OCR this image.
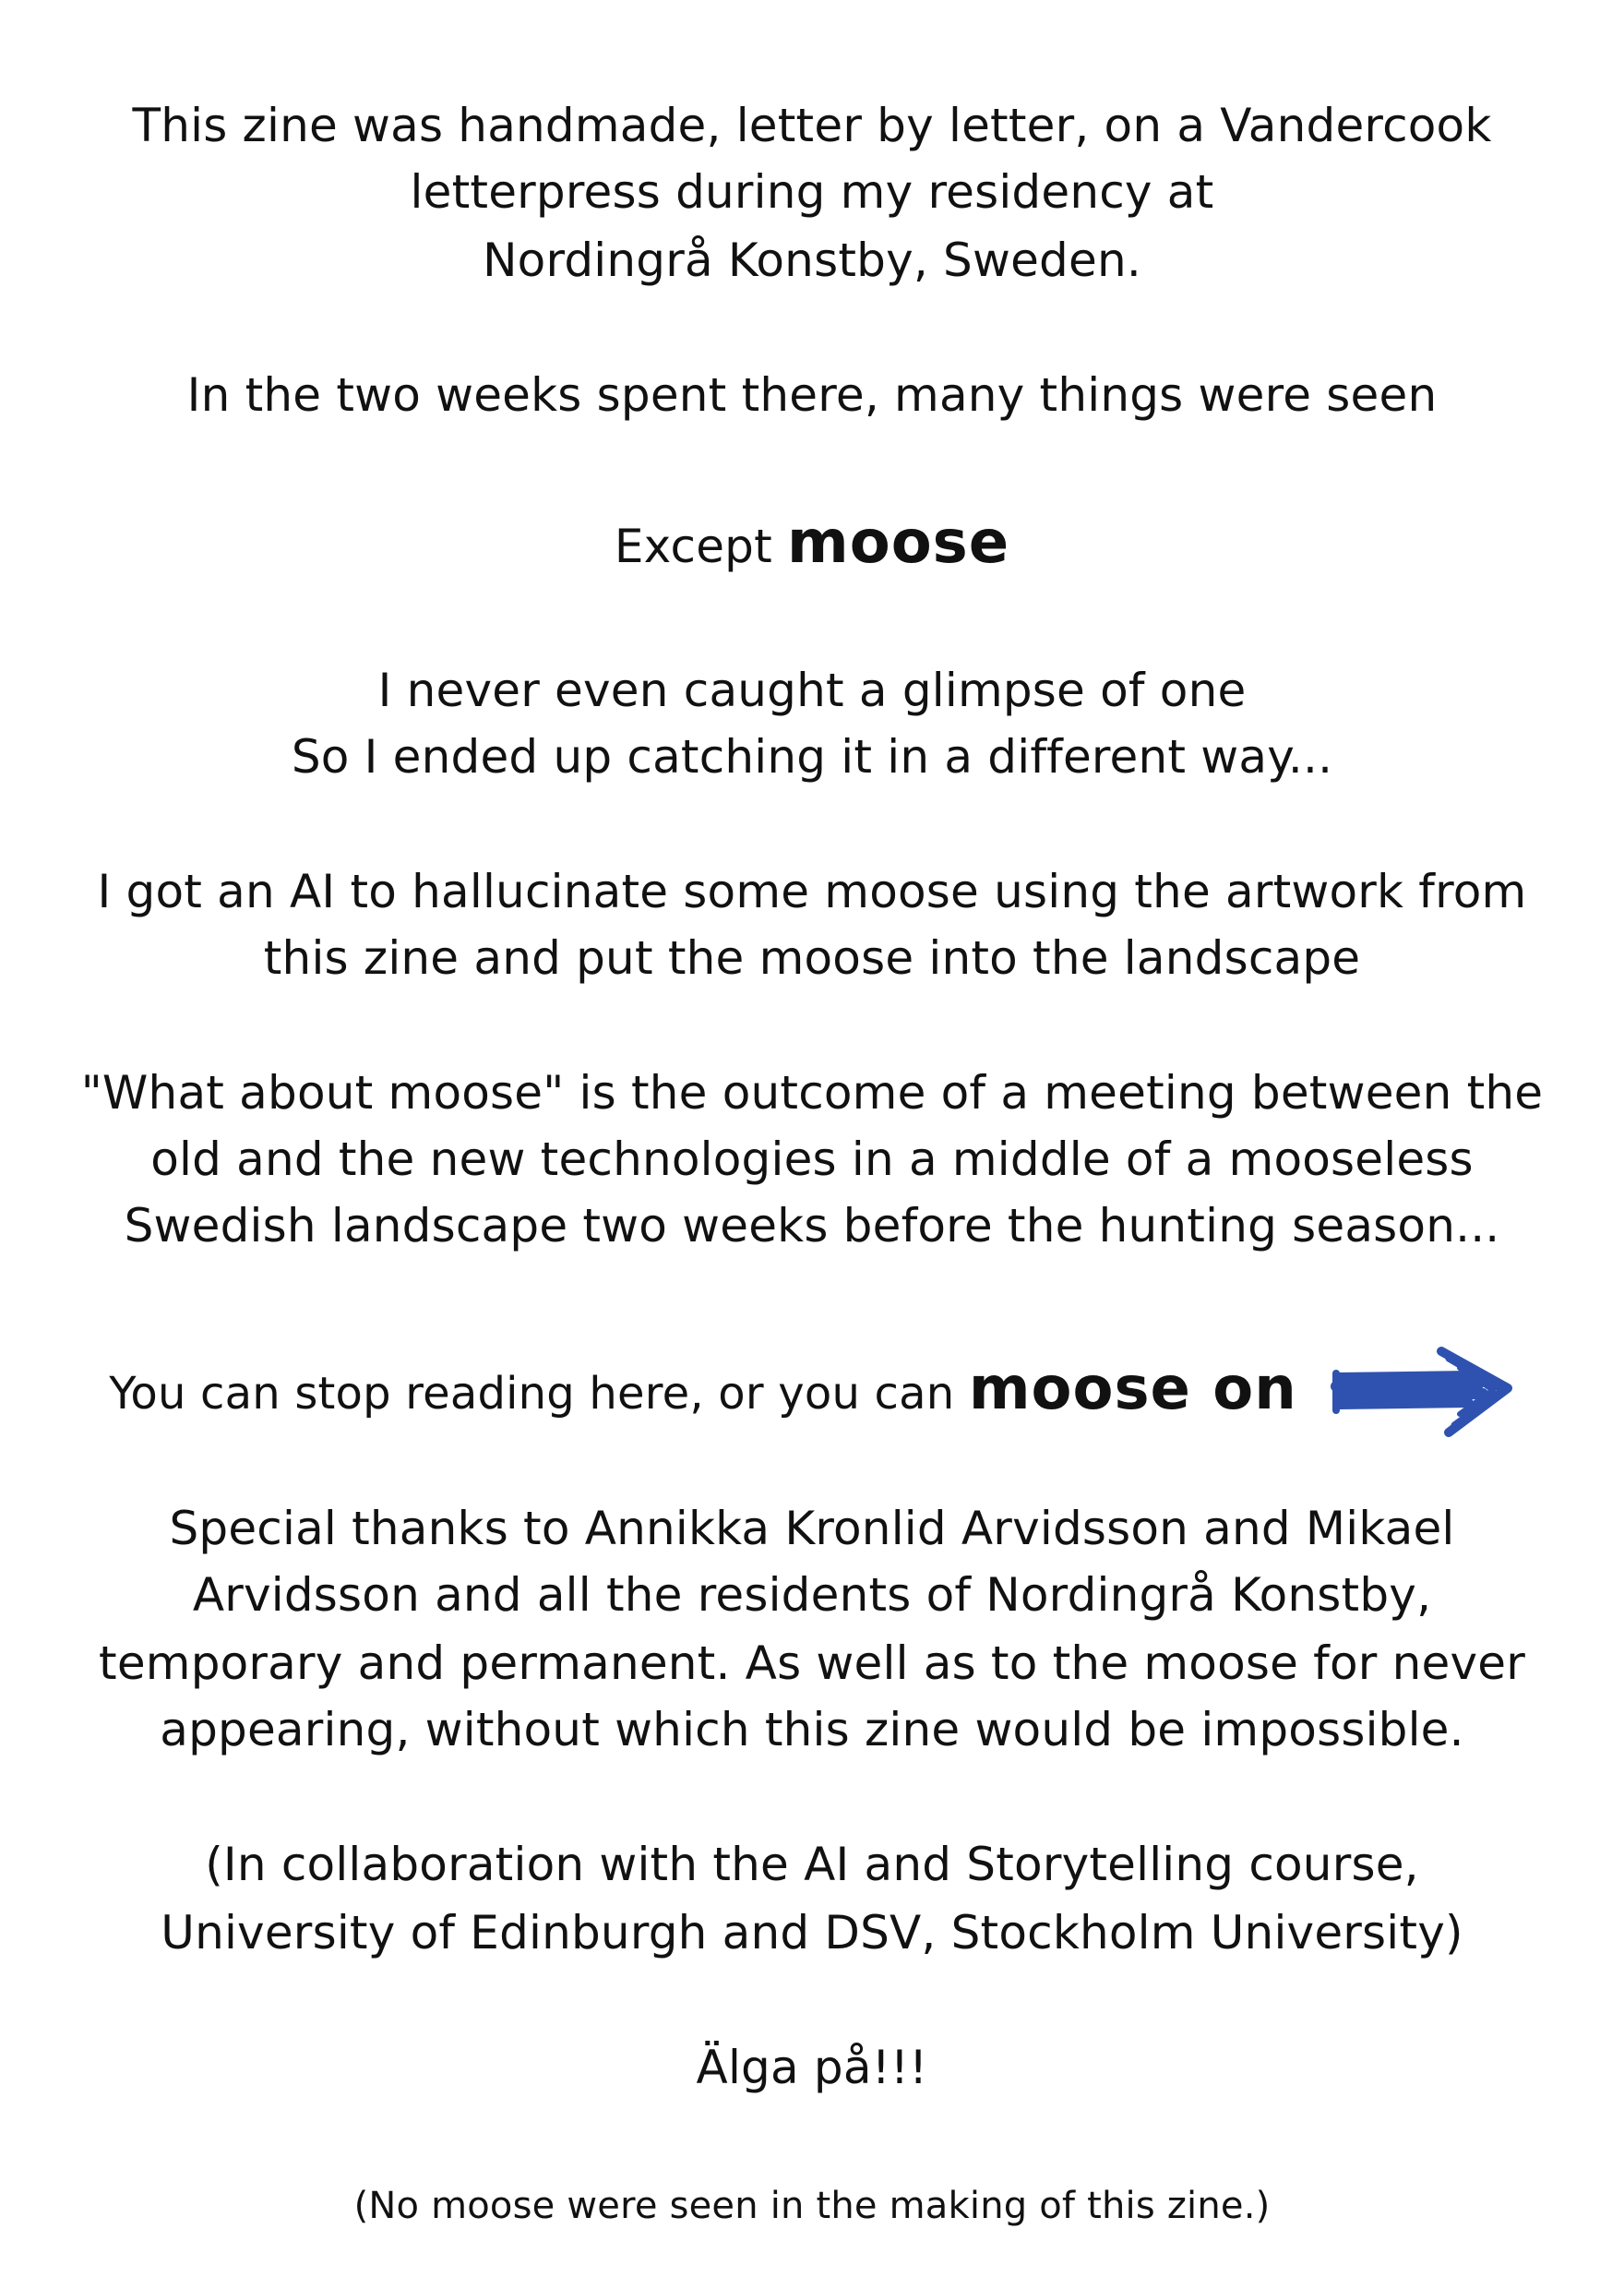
This zine was handmade, letter by letter, on a Vandercook
letterpress during my residency at
Nordingrå Konstby, Sweden.
In the two weeks spent there, many things were seen
Except moose
I never even caught a glimpse of one
So I ended up catching it in a different way...
I got an AI to hallucinate some moose using the artwork from
this zine and put the moose into the landscape
"What about moose" is the outcome of a meeting between the
old and the new technologies in a middle of a mooseless
Swedish landscape two weeks before the hunting season...
You can stop reading here, or you can moose on
Special thanks to Annikka Kronlid Arvidsson and Mikael
Arvidsson and all the residents of Nordingrå Konstby,
temporary and permanent. As well as to the moose for never
appearing, without which this zine would be impossible.
(In collaboration with the AI and Storytelling course,
University of Edinburgh and DSV, Stockholm University)
Älga på!!!
(No moose were seen in the making of this zine.)
